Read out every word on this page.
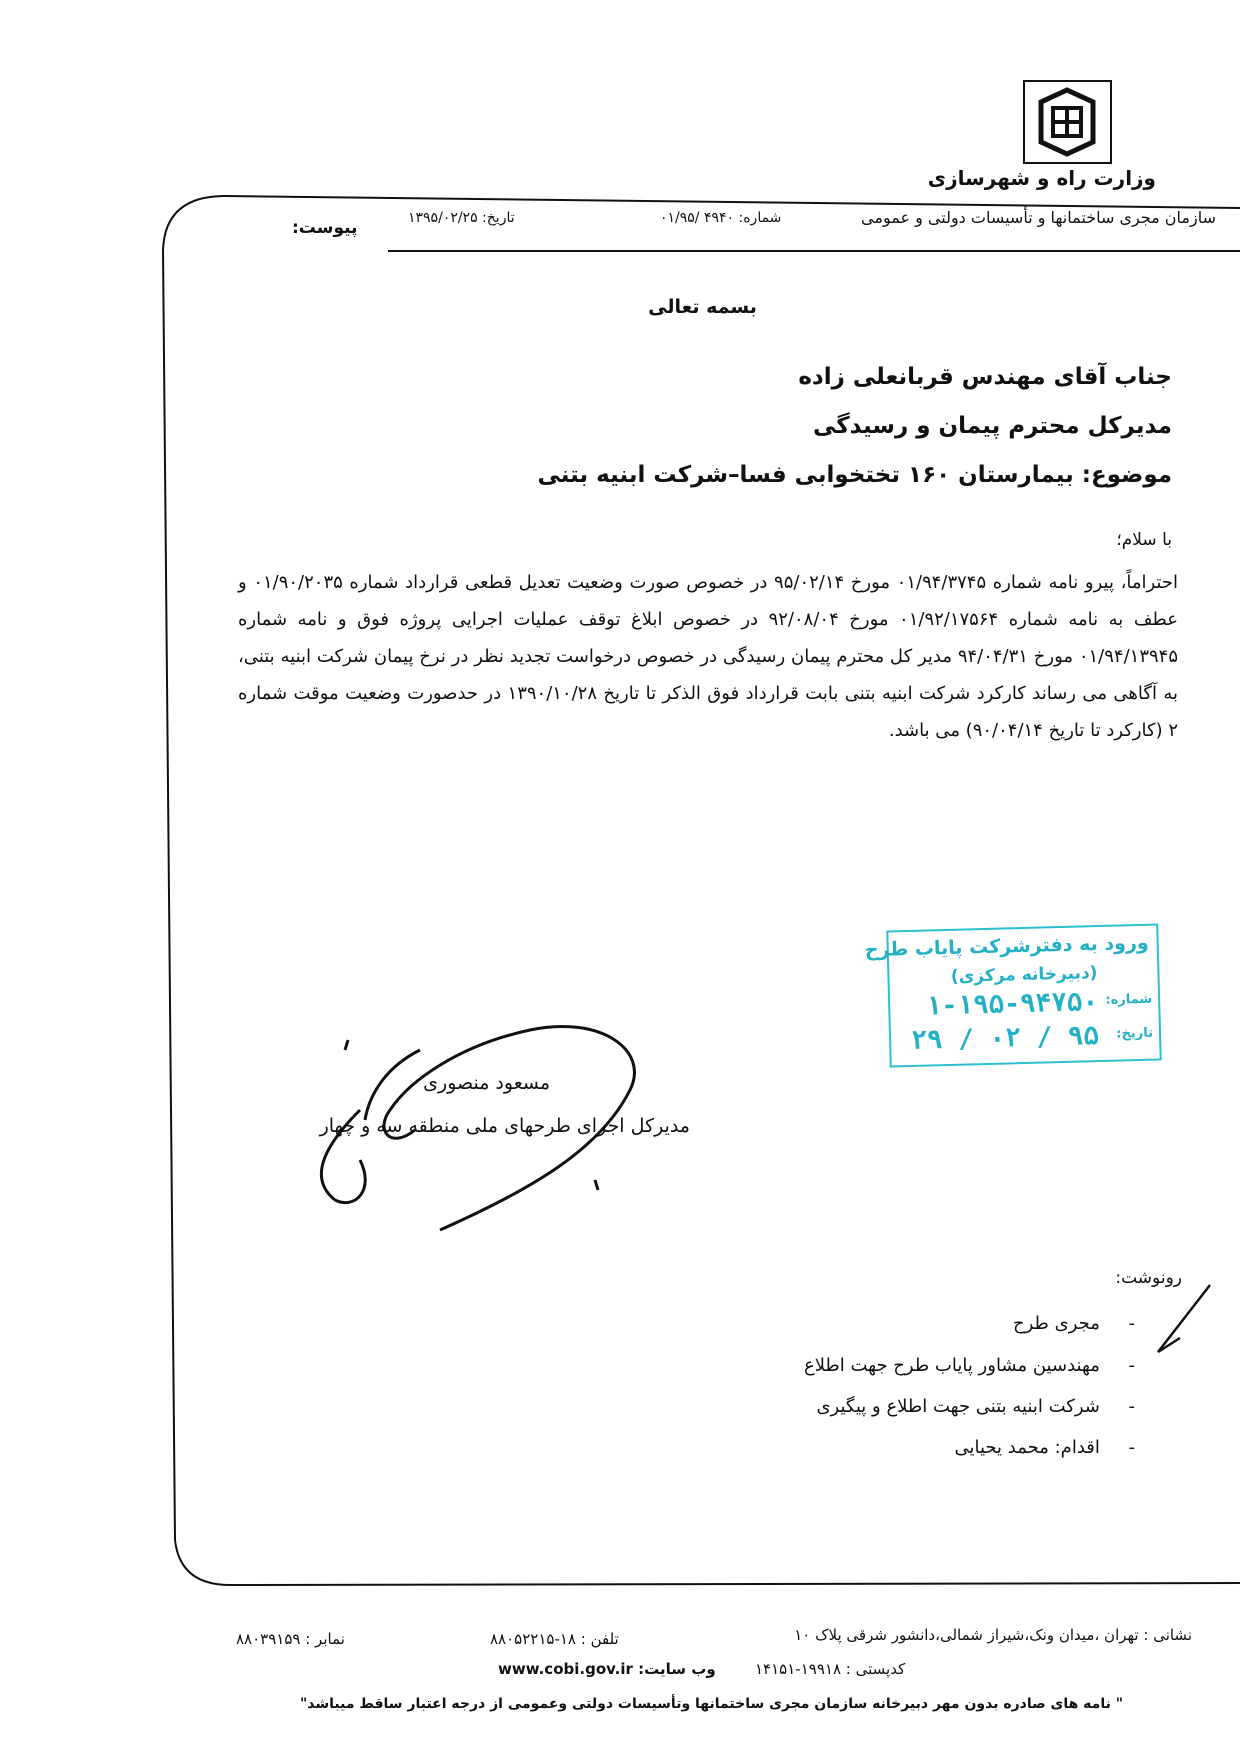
وزارت راه و شهرسازی
سازمان مجری ساختمانها و تأسیسات دولتی و عمومی
شماره: ۴۹۴۰ /۰۱/۹۵
تاریخ: ۱۳۹۵/۰۲/۲۵
پیوست:
بسمه تعالی
جناب آقای مهندس قربانعلی زاده
مدیرکل محترم پیمان و رسیدگی
موضوع: بیمارستان ۱۶۰ تختخوابی فسا–شرکت ابنیه بتنی
با سلام؛
احتراماً، پیرو نامه شماره ۰۱/۹۴/۳۷۴۵ مورخ ۹۵/۰۲/۱۴ در خصوص صورت وضعیت تعدیل قطعی قرارداد شماره ۰۱/۹۰/۲۰۳۵ و عطف به نامه شماره ۰۱/۹۲/۱۷۵۶۴ مورخ ۹۲/۰۸/۰۴ در خصوص ابلاغ توقف عملیات اجرایی پروژه فوق و نامه شماره ۰۱/۹۴/۱۳۹۴۵ مورخ ۹۴/۰۴/۳۱ مدیر کل محترم پیمان رسیدگی در خصوص درخواست تجدید نظر در نرخ پیمان شرکت ابنیه بتنی، به آگاهی می رساند کارکرد شرکت ابنیه بتنی بابت قرارداد فوق الذکر تا تاریخ ۱۳۹۰/۱۰/۲۸ در حدصورت وضعیت موقت شماره ۲ (کارکرد تا تاریخ ۹۰/۰۴/۱۴) می باشد.
ورود به دفترشرکت پایاب طرح
(دبیرخانه مرکزی)
شماره:
۱-۱۹۵-۹۴۷۵۰
تاریخ:
۹۵ / ۰۲ / ۲۹
مسعود منصوری
مدیرکل اجرای طرحهای ملی منطقه سه و چهار
رونوشت:
-     مجری طرح
-     مهندسین مشاور پایاب طرح جهت اطلاع
-     شرکت ابنیه بتنی جهت اطلاع و پیگیری
-     اقدام: محمد یحیایی
نشانی : تهران ،میدان ونک،شیراز شمالی،دانشور شرقی پلاک ۱۰
تلفن : ۱۸-۸۸۰۵۲۲۱۵
نمابر : ۸۸۰۳۹۱۵۹
کدپستی : ۱۹۹۱۸-۱۴۱۵۱
www.cobi.gov.ir وب سایت:
" نامه های صادره بدون مهر دبیرخانه سازمان مجری ساختمانها وتأسیسات دولتی وعمومی از درجه اعتبار ساقط میباشد"
